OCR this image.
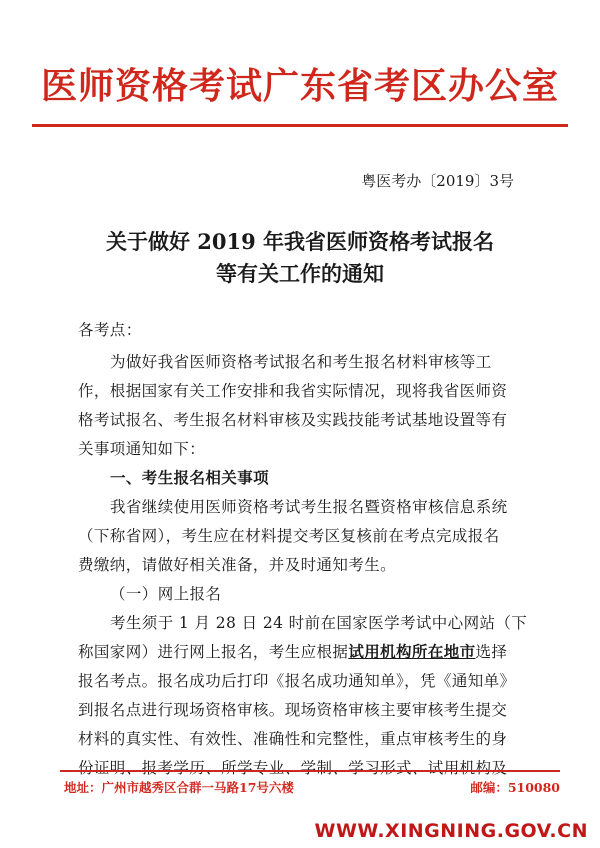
医师资格考试广东省考区办公室
粤医考办〔2019〕3号
关于做好 2019 年我省医师资格考试报名
等有关工作的通知
各考点：
为做好我省医师资格考试报名和考生报名材料审核等工
作，根据国家有关工作安排和我省实际情况，现将我省医师资
格考试报名、考生报名材料审核及实践技能考试基地设置等有
关事项通知如下：
一、考生报名相关事项
我省继续使用医师资格考试考生报名暨资格审核信息系统
（下称省网），考生应在材料提交考区复核前在考点完成报名
费缴纳，请做好相关准备，并及时通知考生。
（一）网上报名
考生须于 1 月 28 日 24 时前在国家医学考试中心网站（下
称国家网）进行网上报名，考生应根据试用机构所在地市选择
报名考点。报名成功后打印《报名成功通知单》，凭《通知单》
到报名点进行现场资格审核。现场资格审核主要审核考生提交
材料的真实性、有效性、准确性和完整性，重点审核考生的身
份证明、报考学历、所学专业、学制、学习形式、试用机构及
地址：广州市越秀区合群一马路17号六楼	邮编：510080
WWW.XINGNING.GOV.CN
